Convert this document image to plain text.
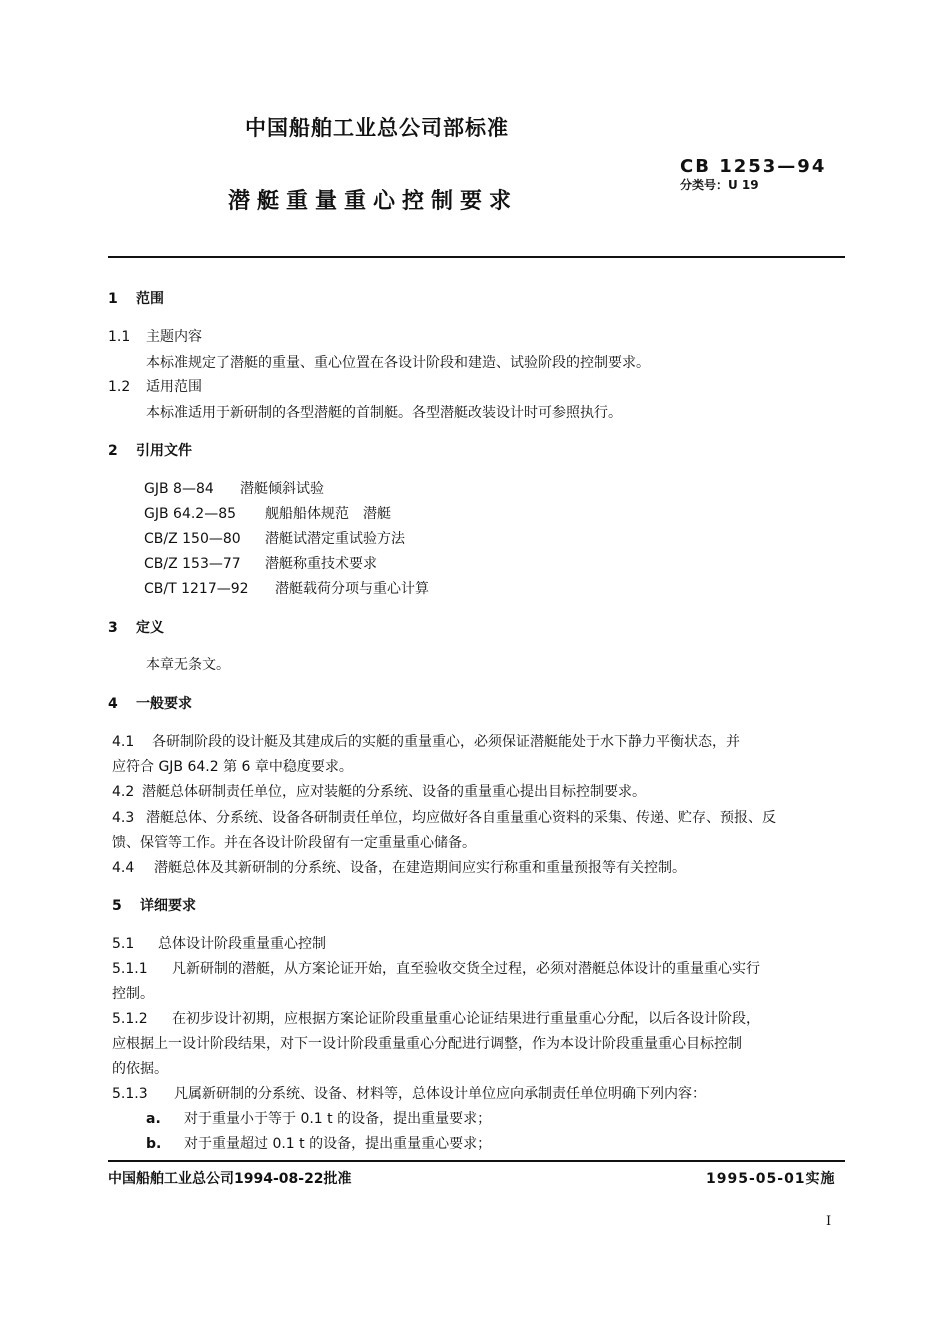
中国船舶工业总公司部标准
CB 1253—94
分类号：U 19
潜艇重量重心控制要求
1 范围
1.1 主题内容
本标准规定了潜艇的重量、重心位置在各设计阶段和建造、试验阶段的控制要求。
1.2 适用范围
本标准适用于新研制的各型潜艇的首制艇。各型潜艇改装设计时可参照执行。
2 引用文件
GJB 8—84 潜艇倾斜试验
GJB 64.2—85 舰船船体规范　潜艇
CB/Z 150—80 潜艇试潜定重试验方法
CB/Z 153—77 潜艇称重技术要求
CB/T 1217—92 潜艇载荷分项与重心计算
3 定义
本章无条文。
4 一般要求
4.1 各研制阶段的设计艇及其建成后的实艇的重量重心，必须保证潜艇能处于水下静力平衡状态，并
应符合 GJB 64.2 第 6 章中稳度要求。
4.2 潜艇总体研制责任单位，应对装艇的分系统、设备的重量重心提出目标控制要求。
4.3 潜艇总体、分系统、设备各研制责任单位，均应做好各自重量重心资料的采集、传递、贮存、预报、反
馈、保管等工作。并在各设计阶段留有一定重量重心储备。
4.4 潜艇总体及其新研制的分系统、设备，在建造期间应实行称重和重量预报等有关控制。
5 详细要求
5.1 总体设计阶段重量重心控制
5.1.1 凡新研制的潜艇，从方案论证开始，直至验收交货全过程，必须对潜艇总体设计的重量重心实行
控制。
5.1.2 在初步设计初期，应根据方案论证阶段重量重心论证结果进行重量重心分配，以后各设计阶段，
应根据上一设计阶段结果，对下一设计阶段重量重心分配进行调整，作为本设计阶段重量重心目标控制
的依据。
5.1.3 凡属新研制的分系统、设备、材料等，总体设计单位应向承制责任单位明确下列内容：
a. 对于重量小于等于 0.1 t 的设备，提出重量要求；
b. 对于重量超过 0.1 t 的设备，提出重量重心要求；
中国船舶工业总公司1994-08-22批准	1995-05-01实施
I
